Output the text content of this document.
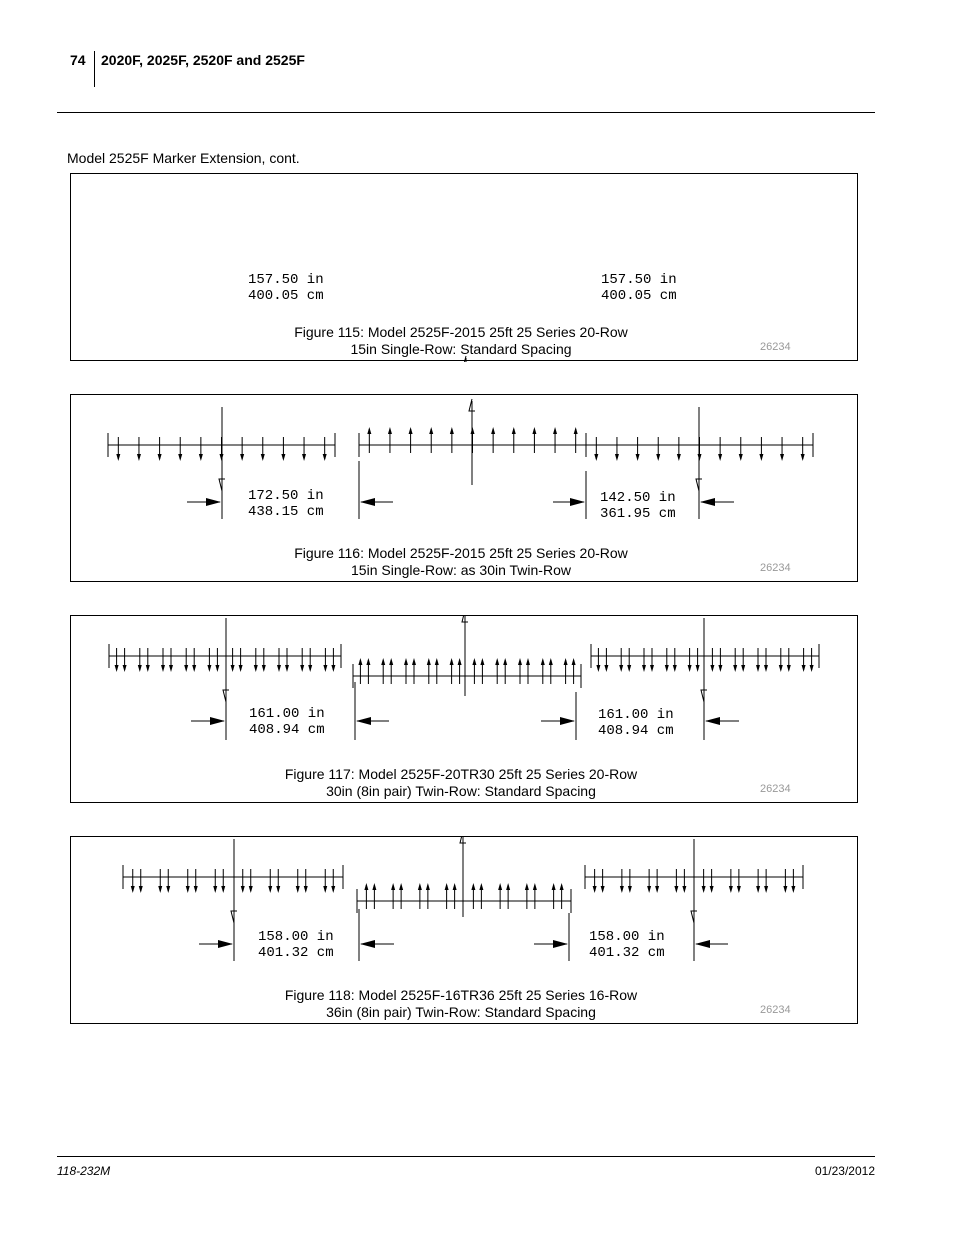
74 2020F, 2025F, 2520F and 2525F
Model 2525F Marker Extension, cont.
157.50 in
400.05 cm
157.50 in
400.05 cm
Figure 115: Model 2525F-2015 25ft 25 Series 20-Row
15in Single-Row: Standard Spacing	26234
172.50 in
438.15 cm
142.50 in
361.95 cm
Figure 116: Model 2525F-2015 25ft 25 Series 20-Row
15in Single-Row: as 30in Twin-Row	26234
161.00 in
408.94 cm
161.00 in
408.94 cm
Figure 117: Model 2525F-20TR30 25ft 25 Series 20-Row
30in (8in pair) Twin-Row: Standard Spacing	26234
158.00 in
401.32 cm
158.00 in
401.32 cm
Figure 118: Model 2525F-16TR36 25ft 25 Series 16-Row
36in (8in pair) Twin-Row: Standard Spacing	26234
118-232M	01/23/2012
